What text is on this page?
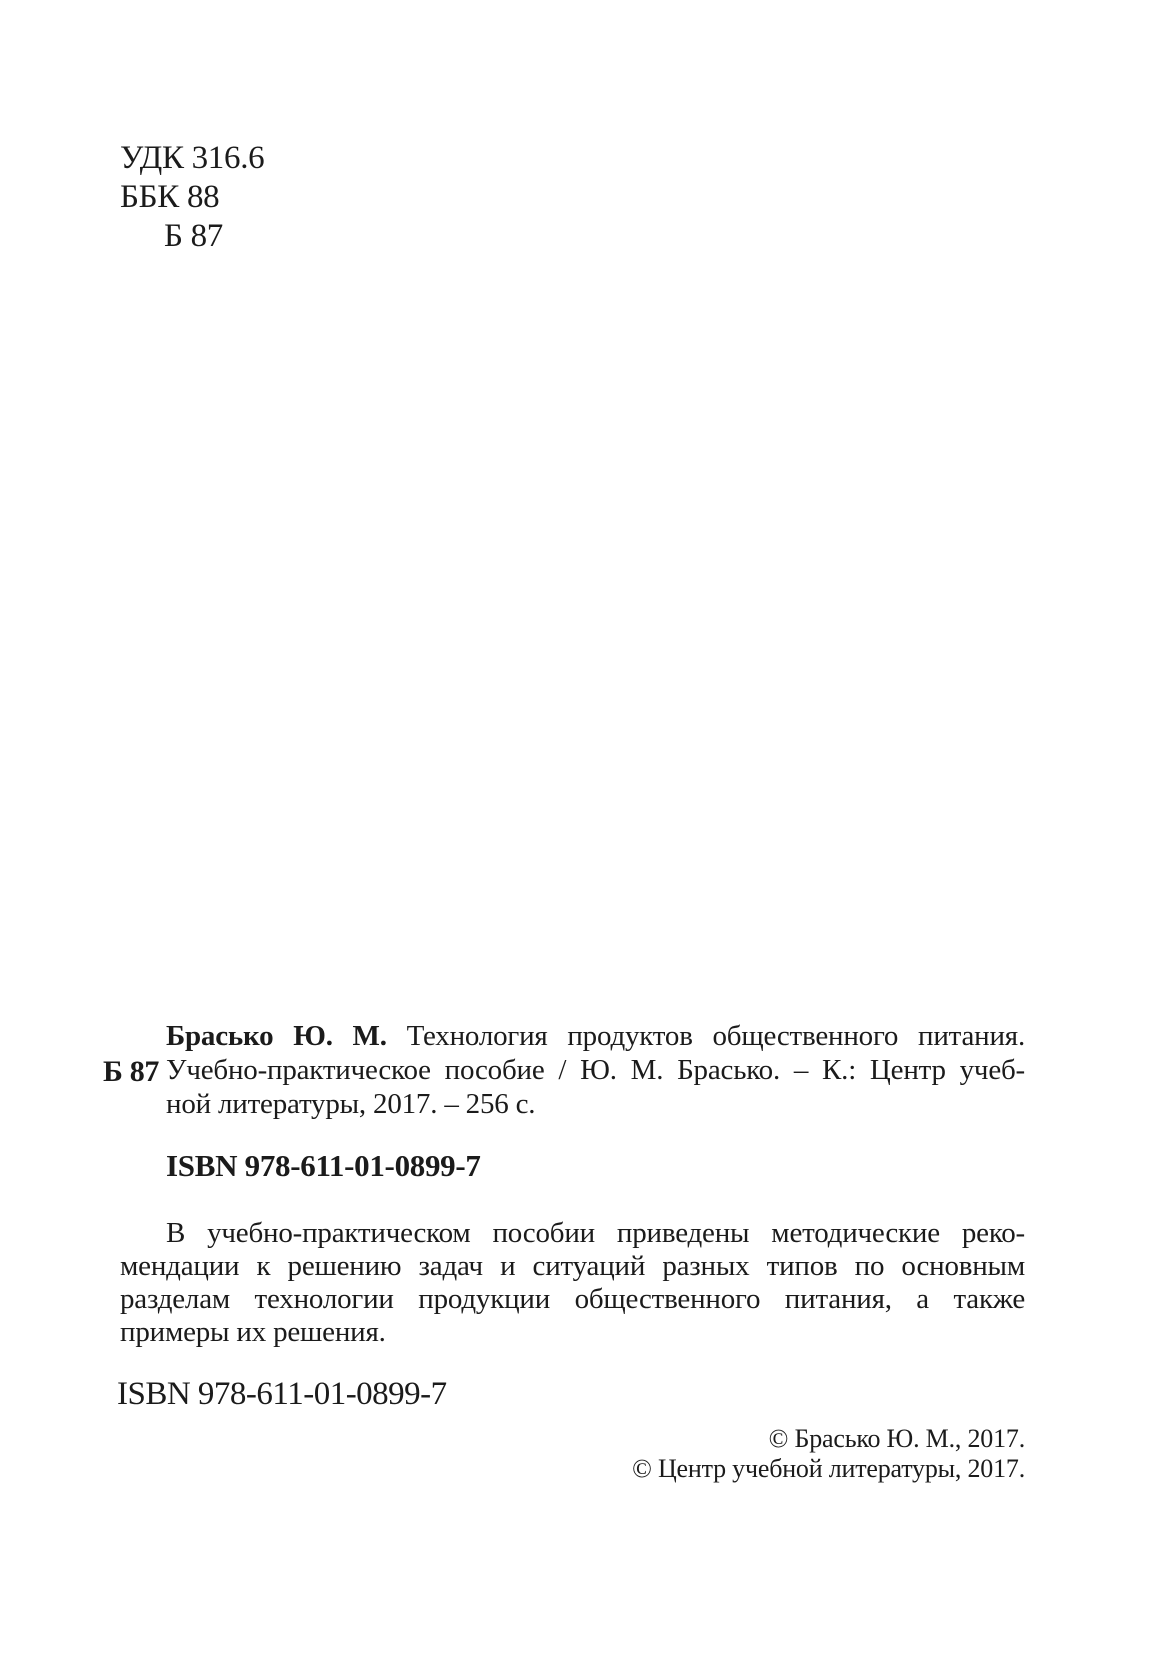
УДК 316.6
ББК 88
Б 87
Б 87
Брасько Ю. М. Технология продуктов общественного питания.
Учебно-практическое пособие / Ю. М. Брасько. – К.: Центр учеб-
ной литературы, 2017. – 256 с.
ISBN 978-611-01-0899-7
В учебно-практическом пособии приведены методические реко-
мендации к решению задач и ситуаций разных типов по основным
разделам технологии продукции общественного питания, а также
примеры их решения.
ISBN 978-611-01-0899-7
© Брасько Ю. М., 2017.
© Центр учебной литературы, 2017.
